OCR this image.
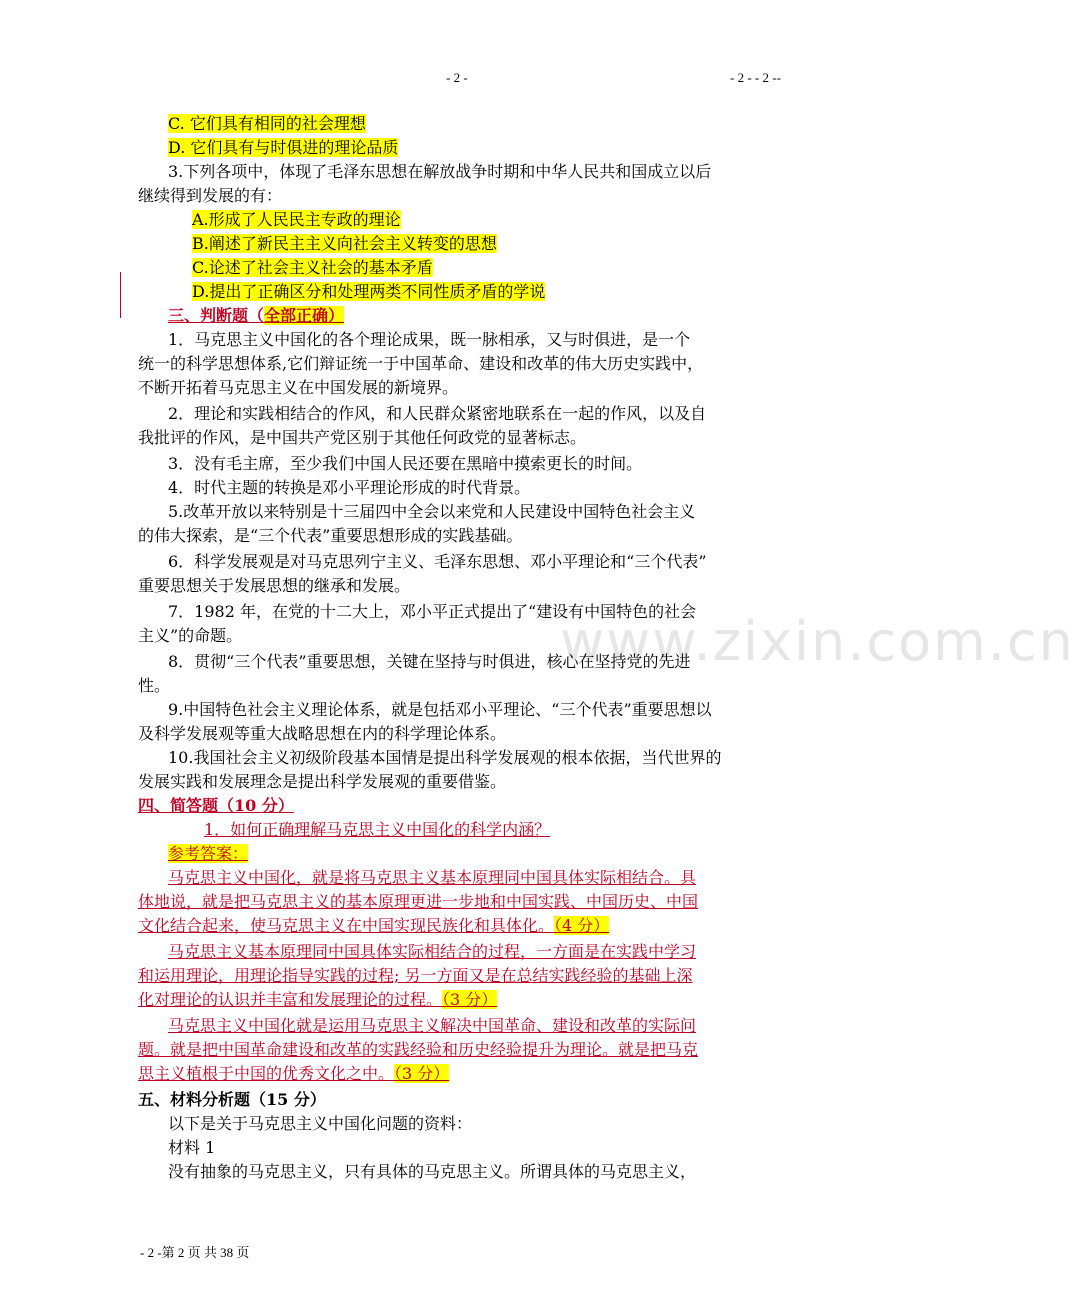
- 2 -	- 2 - - 2 --
www.zixin.com.cn
C. 它们具有相同的社会理想
D. 它们具有与时俱进的理论品质
3.下列各项中，体现了毛泽东思想在解放战争时期和中华人民共和国成立以后
继续得到发展的有：
A.形成了人民民主专政的理论
B.阐述了新民主主义向社会主义转变的思想
C.论述了社会主义社会的基本矛盾
D.提出了正确区分和处理两类不同性质矛盾的学说
三、判断题（全部正确）
1．马克思主义中国化的各个理论成果，既一脉相承，又与时俱进，是一个
统一的科学思想体系,它们辩证统一于中国革命、建设和改革的伟大历史实践中，
不断开拓着马克思主义在中国发展的新境界。
2．理论和实践相结合的作风，和人民群众紧密地联系在一起的作风，以及自
我批评的作风，是中国共产党区别于其他任何政党的显著标志。
3．没有毛主席，至少我们中国人民还要在黑暗中摸索更长的时间。
4．时代主题的转换是邓小平理论形成的时代背景。
5.改革开放以来特别是十三届四中全会以来党和人民建设中国特色社会主义
的伟大探索，是“三个代表”重要思想形成的实践基础。
6．科学发展观是对马克思列宁主义、毛泽东思想、邓小平理论和“三个代表”
重要思想关于发展思想的继承和发展。
7．1982 年，在党的十二大上，邓小平正式提出了“建设有中国特色的社会
主义”的命题。
8．贯彻“三个代表”重要思想，关键在坚持与时俱进，核心在坚持党的先进
性。
9.中国特色社会主义理论体系，就是包括邓小平理论、“三个代表”重要思想以
及科学发展观等重大战略思想在内的科学理论体系。
10.我国社会主义初级阶段基本国情是提出科学发展观的根本依据，当代世界的
发展实践和发展理念是提出科学发展观的重要借鉴。
四、简答题（10 分）
1．如何正确理解马克思主义中国化的科学内涵？
参考答案：
马克思主义中国化，就是将马克思主义基本原理同中国具体实际相结合。具
体地说，就是把马克思主义的基本原理更进一步地和中国实践、中国历史、中国
文化结合起来，使马克思主义在中国实现民族化和具体化。（4 分）
马克思主义基本原理同中国具体实际相结合的过程，一方面是在实践中学习
和运用理论，用理论指导实践的过程; 另一方面又是在总结实践经验的基础上深
化对理论的认识并丰富和发展理论的过程。（3 分）
马克思主义中国化就是运用马克思主义解决中国革命、建设和改革的实际问
题。就是把中国革命建设和改革的实践经验和历史经验提升为理论。就是把马克
思主义植根于中国的优秀文化之中。（3 分）
五、材料分析题（15 分）
以下是关于马克思主义中国化问题的资料：
材料 1
没有抽象的马克思主义，只有具体的马克思主义。所谓具体的马克思主义，
- 2 -第 2 页 共 38 页
